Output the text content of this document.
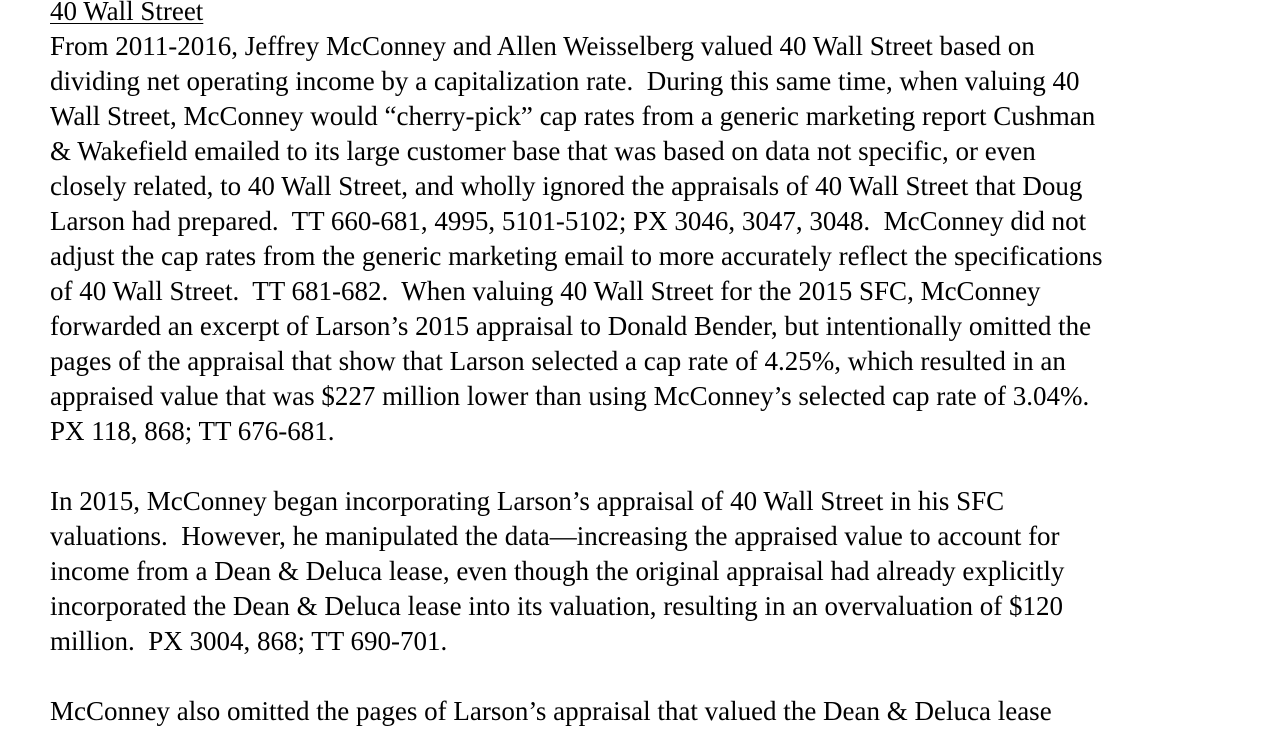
40 Wall Street
From 2011-2016, Jeffrey McConney and Allen Weisselberg valued 40 Wall Street based on
dividing net operating income by a capitalization rate.  During this same time, when valuing 40
Wall Street, McConney would “cherry-pick” cap rates from a generic marketing report Cushman
& Wakefield emailed to its large customer base that was based on data not specific, or even
closely related, to 40 Wall Street, and wholly ignored the appraisals of 40 Wall Street that Doug
Larson had prepared.  TT 660-681, 4995, 5101-5102; PX 3046, 3047, 3048.  McConney did not
adjust the cap rates from the generic marketing email to more accurately reflect the specifications
of 40 Wall Street.  TT 681-682.  When valuing 40 Wall Street for the 2015 SFC, McConney
forwarded an excerpt of Larson’s 2015 appraisal to Donald Bender, but intentionally omitted the
pages of the appraisal that show that Larson selected a cap rate of 4.25%, which resulted in an
appraised value that was $227 million lower than using McConney’s selected cap rate of 3.04%.
PX 118, 868; TT 676-681.
In 2015, McConney began incorporating Larson’s appraisal of 40 Wall Street in his SFC
valuations.  However, he manipulated the data—increasing the appraised value to account for
income from a Dean & Deluca lease, even though the original appraisal had already explicitly
incorporated the Dean & Deluca lease into its valuation, resulting in an overvaluation of $120
million.  PX 3004, 868; TT 690-701.
McConney also omitted the pages of Larson’s appraisal that valued the Dean & Deluca lease
